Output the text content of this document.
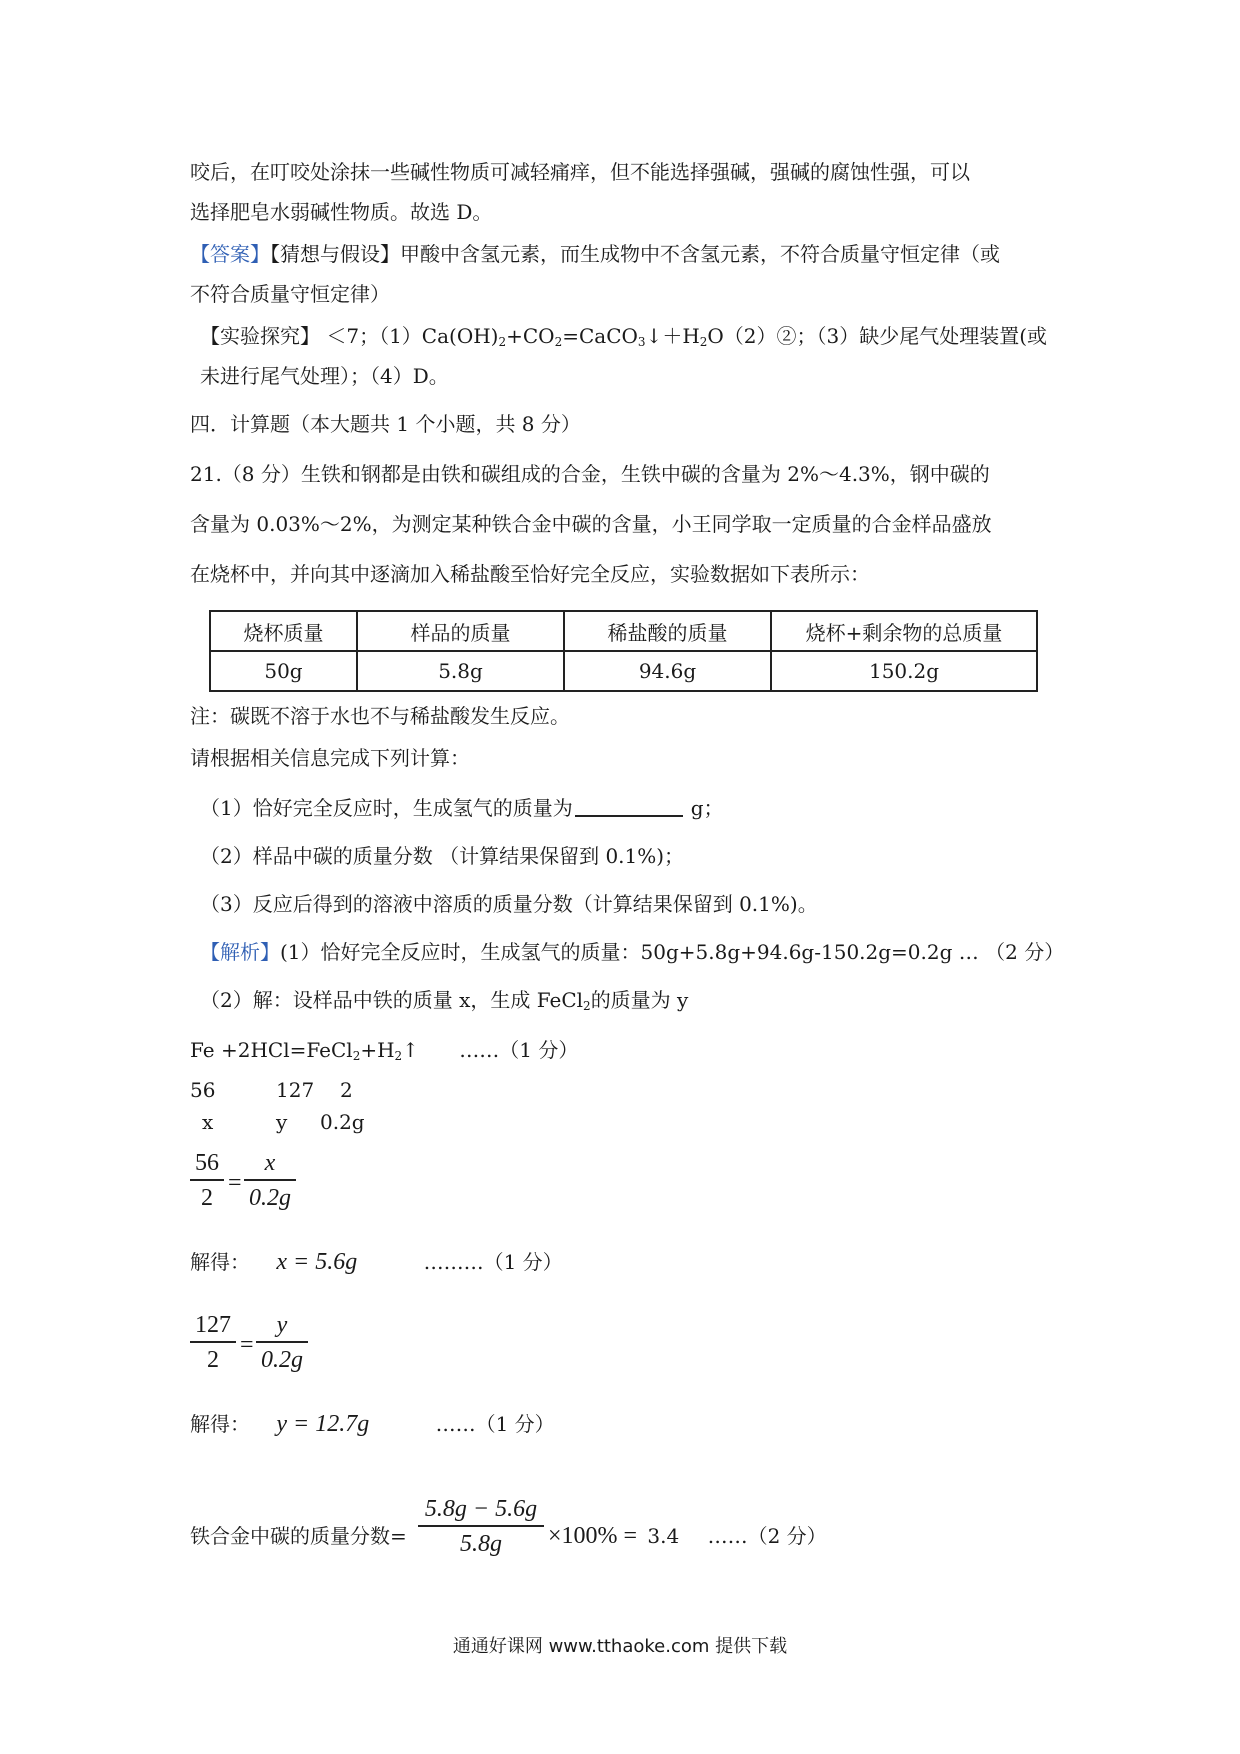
咬后，在叮咬处涂抹一些碱性物质可减轻痛痒，但不能选择强碱，强碱的腐蚀性强，可以
选择肥皂水弱碱性物质。故选 D。
【答案】【猜想与假设】甲酸中含氢元素，而生成物中不含氢元素，不符合质量守恒定律（或
不符合质量守恒定律）
【实验探究】 ＜7；$(1)Ca(OH)_2+CO_2=CaCO_3↓+H_2O(2)②$；（3）缺少尾气处理装置(或
未进行尾气处理）；（4）D。
四．计算题（本大题共 1 个小题，共 8 分）
21.（8 分）生铁和钢都是由铁和碳组成的合金，生铁中碳的含量为 2%～4.3%，钢中碳的
含量为 0.03%～2%，为测定某种铁合金中碳的含量，小王同学取一定质量的合金样品盛放
在烧杯中，并向其中逐滴加入稀盐酸至恰好完全反应，实验数据如下表所示：
烧杯质量	样品的质量	稀盐酸的质量	烧杯+剩余物的总质量
50g	5.8g	94.6g	150.2g
注：碳既不溶于水也不与稀盐酸发生反应。
请根据相关信息完成下列计算：
（1）恰好完全反应时，生成氢气的质量为	g；
（2）样品中碳的质量分数 （计算结果保留到 0.1%)；
（3）反应后得到的溶液中溶质的质量分数（计算结果保留到 0.1%)。
【解析】(1）恰好完全反应时，生成氢气的质量：50g+5.8g+94.6g-150.2g=0.2g … （2 分）
（2）解：设样品中铁的质量 x，生成 FeCl$_2$的质量为 y
$Fe +2HCl=FeCl_2+H_2↑$ ……（1 分）
56	127 2
x	y 0.2g
$\frac{56}{2} = \frac{x}{0.2g}$
解得： x = 5.6g	………（1 分）
$\frac{127}{2} = \frac{y}{0.2g}$
解得： y = 12.7g	……（1 分）
铁合金中碳的质量分数= $\frac{5.8g - 5.6g}{5.8g} \times 100\% = 3.4$ ……（2 分）
通通好课网 www.tthaoke.com 提供下载
